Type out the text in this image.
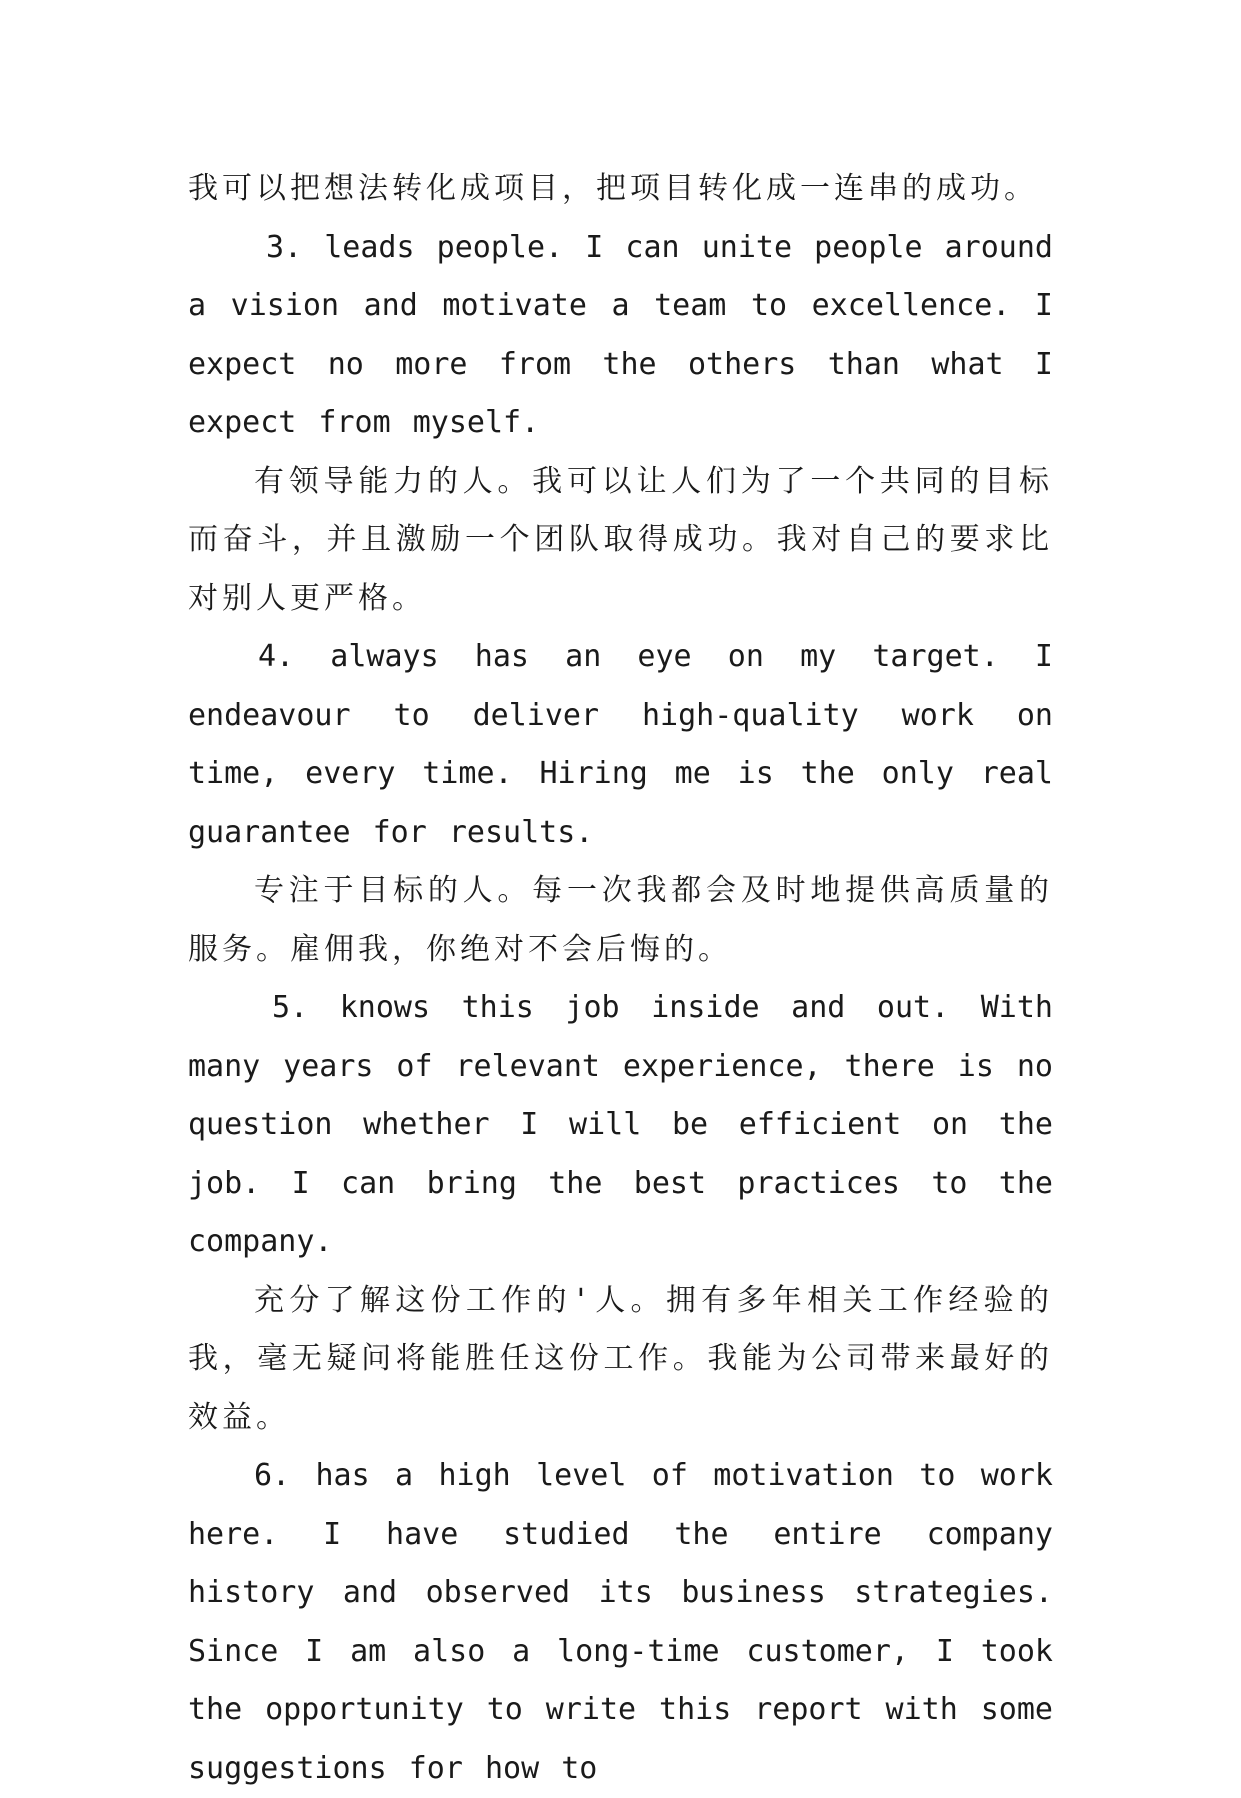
我可以把想法转化成项目，把项目转化成一连串的成功。

3. leads people. I can unite people around a vision and motivate a team to excellence. I expect no more from the others than what I expect from myself.

有领导能力的人。我可以让人们为了一个共同的目标而奋斗，并且激励一个团队取得成功。我对自己的要求比对别人更严格。

4. always has an eye on my target. I endeavour to deliver high-quality work on time, every time. Hiring me is the only real guarantee for results.

专注于目标的人。每一次我都会及时地提供高质量的服务。雇佣我，你绝对不会后悔的。

5. knows this job inside and out. With many years of relevant experience, there is no question whether I will be efficient on the job. I can bring the best practices to the company.

充分了解这份工作的'人。拥有多年相关工作经验的我，毫无疑问将能胜任这份工作。我能为公司带来最好的效益。

6. has a high level of motivation to work here. I have studied the entire company history and observed its business strategies. Since I am also a long-time customer, I took the opportunity to write this report with some suggestions for how to
